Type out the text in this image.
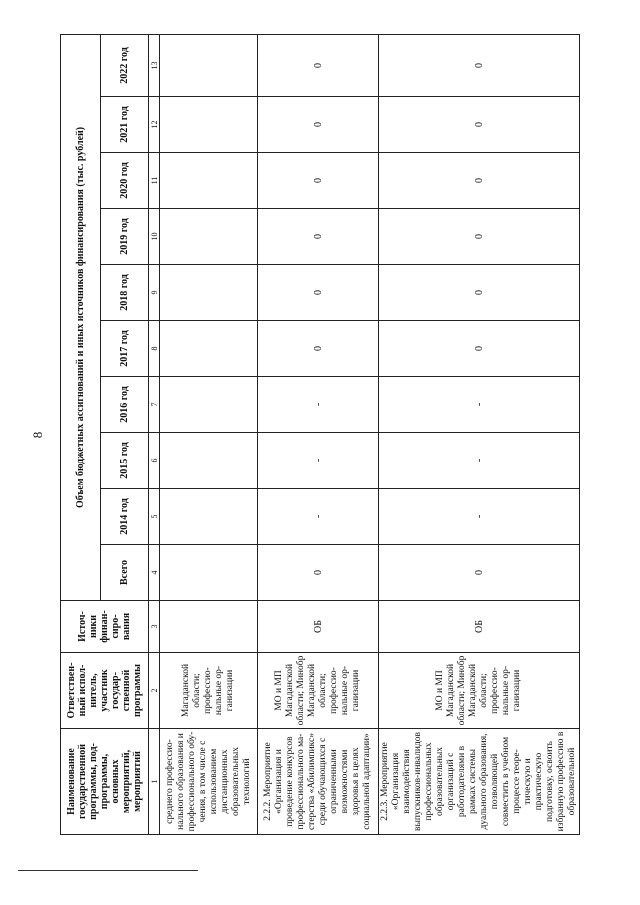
8
Наименование государственной программы, под-программы, основных мероприятий, мероприятий	Ответствен-ный испол-нитель, участник государ-ственной программы	Источ-ники финан-сиро-вания	Объем бюджетных ассигнований и иных источников финансирования (тыс. рублей)									
			Всего	2014 год	2015 год	2016 год	2017 год	2018 год	2019 год	2020 год	2021 год	2022 год
1	2	3	4	5	6	7	8	9	10	11	12	13
среднего профессио-нального образования и профессионального обу-чения, в том числе с использованием дистанционных образовательных технологий	Магаданской области; профессио-нальные ор-ганизации											
2.2.2. Мероприятие «Организация и проведение конкурсов профессионального ма-стерства «Абилимпикс» среди обучающихся с ограниченными возможностями здоровья в целях социальной адаптации»	МО и МП Магаданской области; Минобр Магаданской области; профессио-нальные ор-ганизации	ОБ	0	-	-	-	0	0	0	0	0	0
2.2.3. Мероприятие «Организация взаимодействия выпускников-инвалидов профессиональных образовательных организаций с работодателями в рамках системы дуального образования, позволяющей совместить в учебном процессе теоре-тическую и практическую подготовку, освоить избранную профессию в образовательной	МО и МП Магаданской области; Минобр Магаданской области; профессио-нальные ор-ганизации	ОБ	0	-	-	-	0	0	0	0	0	0
